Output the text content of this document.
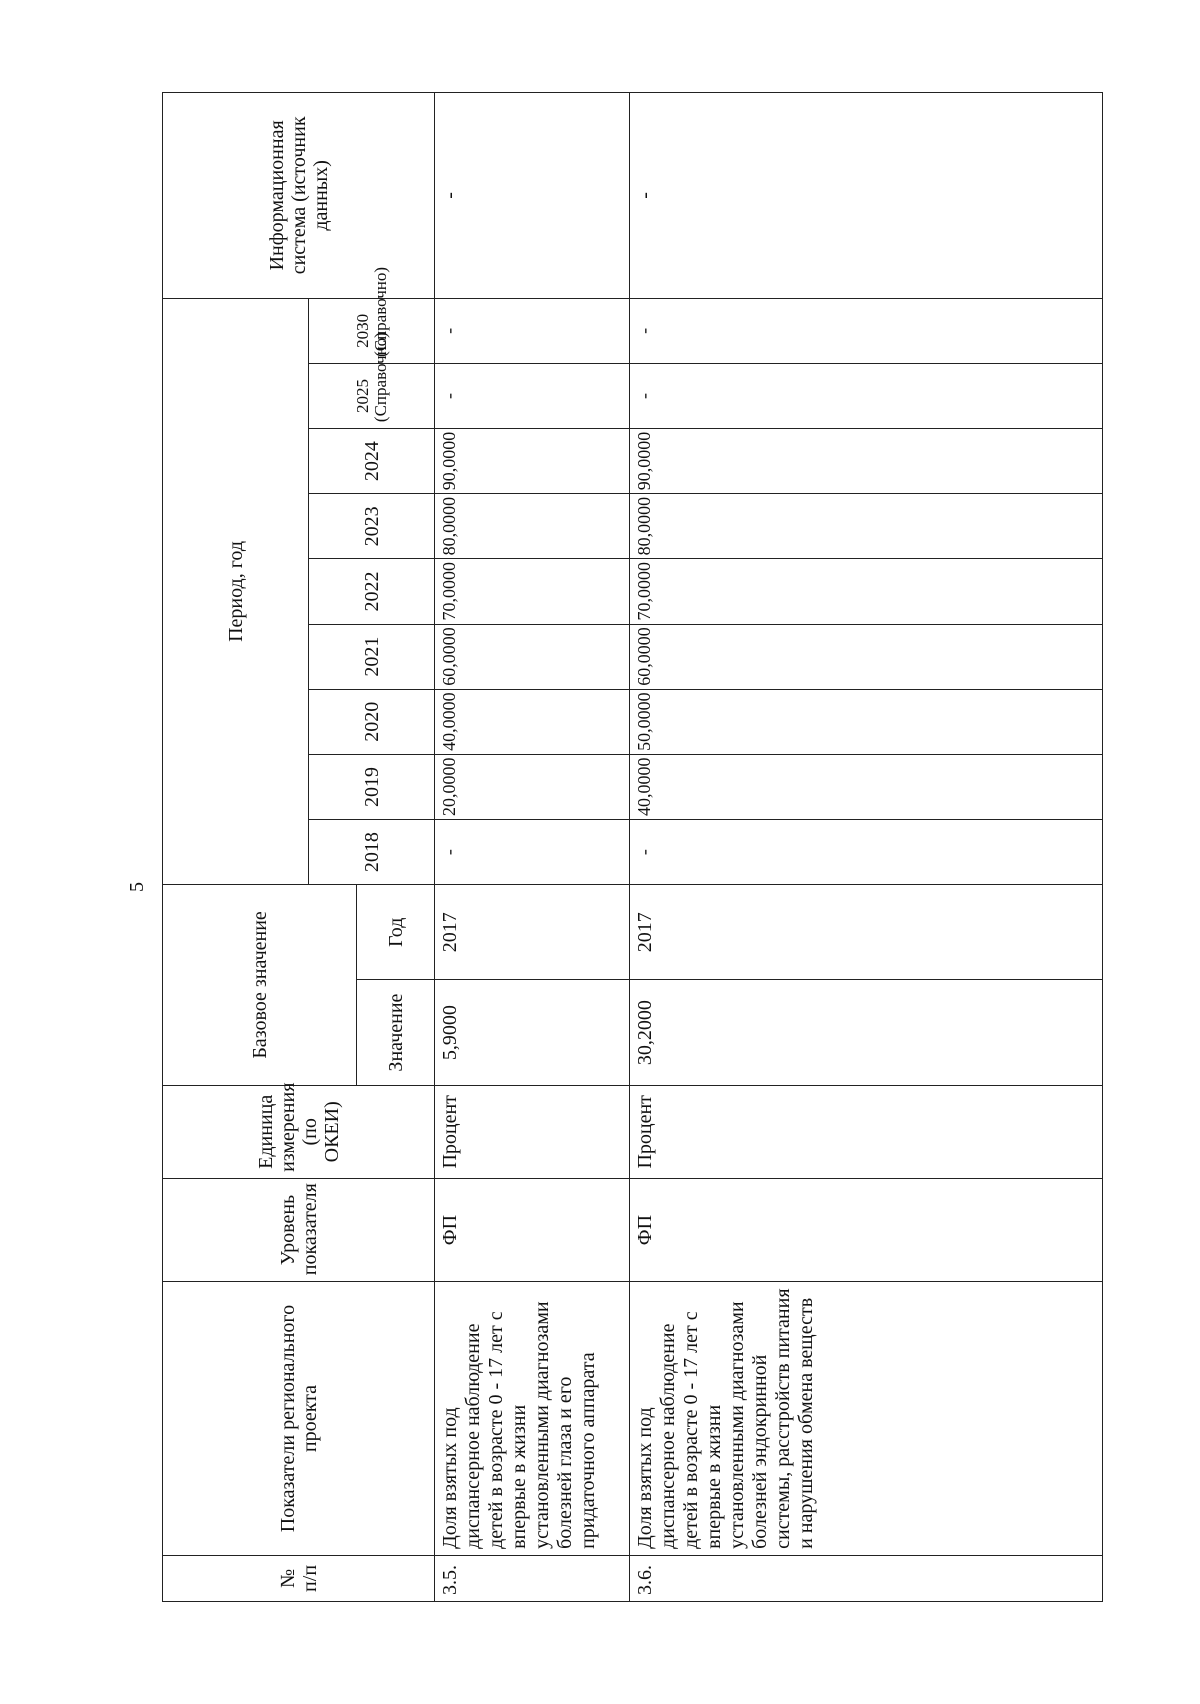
5
№ п/п	Показатели регионального проекта	Уровень показателя	Единица измерения (по ОКЕИ)	Базовое значение		Период, год									Информационная система (источник данных)
						2018	2019	2020	2021	2022	2023	2024	2025 (Справочно)	2030 (Справочно)	
				Значение	Год										
3.5.	Доля взятых под диспансерное наблюдение детей в возрасте 0 - 17 лет с впервые в жизни установленными диагнозами болезней глаза и его придаточного аппарата	ФП	Процент	5,9000	2017	-	20,0000	40,0000	60,0000	70,0000	80,0000	90,0000	-	-	-
3.6.	Доля взятых под диспансерное наблюдение детей в возрасте 0 - 17 лет с впервые в жизни установленными диагнозами болезней эндокринной системы, расстройств питания и нарушения обмена веществ	ФП	Процент	30,2000	2017	-	40,0000	50,0000	60,0000	70,0000	80,0000	90,0000	-	-	-
